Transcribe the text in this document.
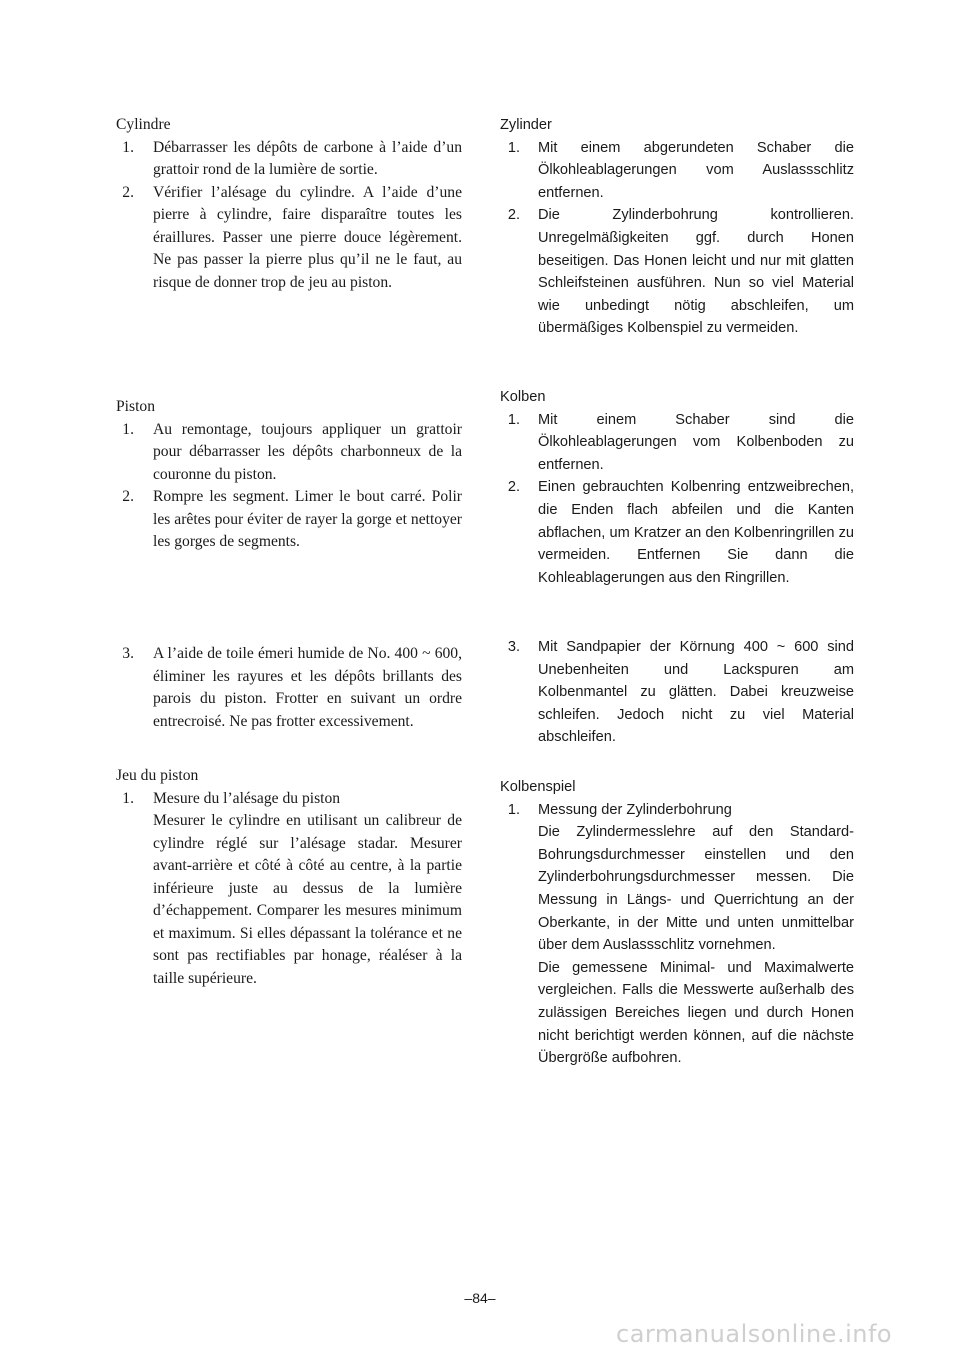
Cylindre
1. Débarrasser les dépôts de carbone à l’aide d’un grattoir rond de la lumière de sortie.
2. Vérifier l’alésage du cylindre. A l’aide d’une pierre à cylindre, faire disparaître toutes les éraillures. Passer une pierre douce légèrement. Ne pas passer la pierre plus qu’il ne le faut, au risque de donner trop de jeu au piston.
Piston
1. Au remontage, toujours appliquer un grattoir pour débarrasser les dépôts charbonneux de la couronne du piston.
2. Rompre les segment. Limer le bout carré. Polir les arêtes pour éviter de rayer la gorge et nettoyer les gorges de segments.
3. A l’aide de toile émeri humide de No. 400 ~ 600, éliminer les rayures et les dépôts brillants des parois du piston. Frotter en suivant un ordre entrecroisé. Ne pas frotter excessivement.
Jeu du piston
1. Mesure du l’alésage du piston
Mesurer le cylindre en utilisant un calibreur de cylindre réglé sur l’alésage stadar. Mesurer avant-arrière et côté à côté au centre, à la partie inférieure juste au dessus de la lumière d’échappement. Comparer les mesures minimum et maximum. Si elles dépassant la tolérance et ne sont pas rectifiables par honage, réaléser à la taille supérieure.
Zylinder
1. Mit einem abgerundeten Schaber die Ölkohleablagerungen vom Auslassschlitz entfernen.
2. Die Zylinderbohrung kontrollieren. Unregelmäßigkeiten ggf. durch Honen beseitigen. Das Honen leicht und nur mit glatten Schleifsteinen ausführen. Nun so viel Material wie unbedingt nötig abschleifen, um übermäßiges Kolbenspiel zu vermeiden.
Kolben
1. Mit einem Schaber sind die Ölkohleablagerungen vom Kolbenboden zu entfernen.
2. Einen gebrauchten Kolbenring entzweibrechen, die Enden flach abfeilen und die Kanten abflachen, um Kratzer an den Kolbenringrillen zu vermeiden. Entfernen Sie dann die Kohleablagerungen aus den Ringrillen.
3. Mit Sandpapier der Körnung 400 ~ 600 sind Unebenheiten und Lackspuren am Kolbenmantel zu glätten. Dabei kreuzweise schleifen. Jedoch nicht zu viel Material abschleifen.
Kolbenspiel
1. Messung der Zylinderbohrung
Die Zylindermesslehre auf den Standard-Bohrungsdurchmesser einstellen und den Zylinderbohrungsdurchmesser messen. Die Messung in Längs- und Querrichtung an der Oberkante, in der Mitte und unten unmittelbar über dem Auslassschlitz vornehmen.
Die gemessene Minimal- und Maximalwerte vergleichen. Falls die Messwerte außerhalb des zulässigen Bereiches liegen und durch Honen nicht berichtigt werden können, auf die nächste Übergröße aufbohren.
–84–
carmanualsonline.info
